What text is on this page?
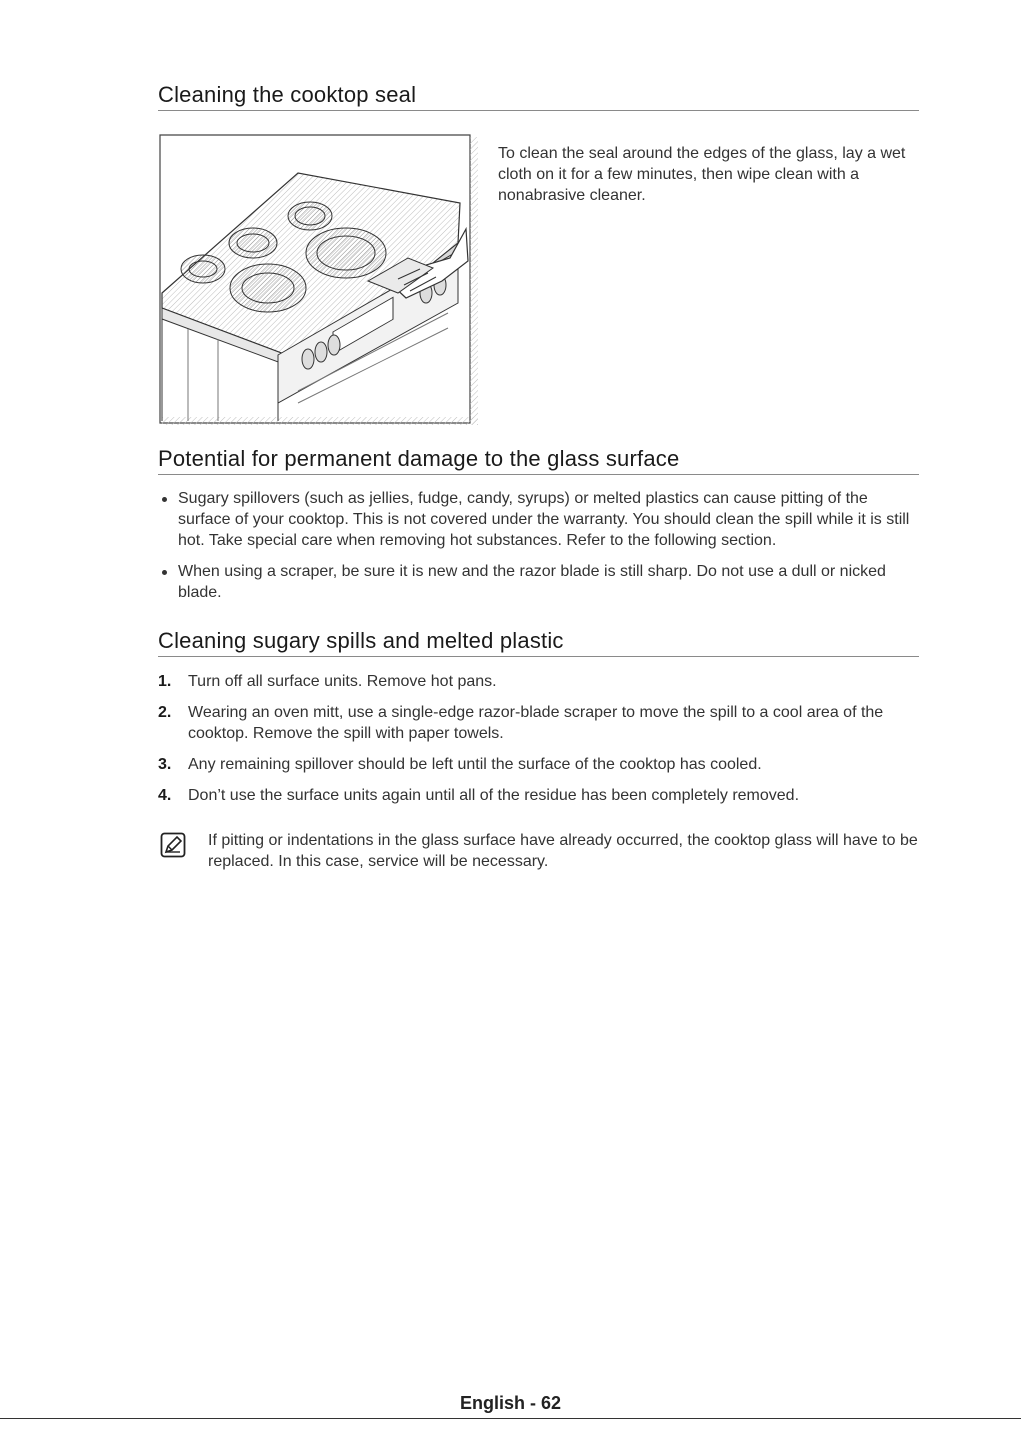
Cleaning the cooktop seal
To clean the seal around the edges of the glass, lay a wet cloth on it for a few minutes, then wipe clean with a nonabrasive cleaner.
Potential for permanent damage to the glass surface
Sugary spillovers (such as jellies, fudge, candy, syrups) or melted plastics can cause pitting of the surface of your cooktop. This is not covered under the warranty. You should clean the spill while it is still hot. Take special care when removing hot substances. Refer to the following section.
When using a scraper, be sure it is new and the razor blade is still sharp. Do not use a dull or nicked blade.
Cleaning sugary spills and melted plastic
1. Turn off all surface units. Remove hot pans.
2. Wearing an oven mitt, use a single-edge razor-blade scraper to move the spill to a cool area of the cooktop. Remove the spill with paper towels.
3. Any remaining spillover should be left until the surface of the cooktop has cooled.
4. Don’t use the surface units again until all of the residue has been completely removed.
If pitting or indentations in the glass surface have already occurred, the cooktop glass will have to be replaced. In this case, service will be necessary.
English - 62
